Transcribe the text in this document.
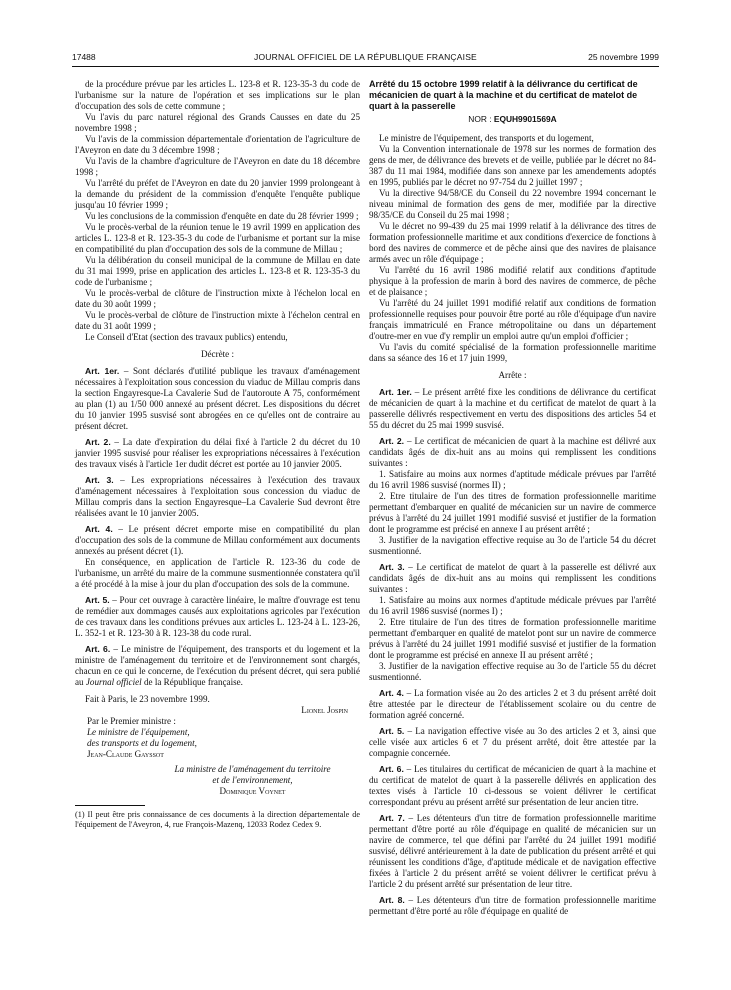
17488	JOURNAL OFFICIEL DE LA RÉPUBLIQUE FRANÇAISE	25 novembre 1999

de la procédure prévue par les articles L. 123-8 et R. 123-35-3 du code de l'urbanisme sur la nature de l'opération et ses implications sur le plan d'occupation des sols de cette commune ;

Vu l'avis du parc naturel régional des Grands Causses en date du 25 novembre 1998 ;

Vu l'avis de la commission départementale d'orientation de l'agriculture de l'Aveyron en date du 3 décembre 1998 ;

Vu l'avis de la chambre d'agriculture de l'Aveyron en date du 18 décembre 1998 ;

Vu l'arrêté du préfet de l'Aveyron en date du 20 janvier 1999 prolongeant à la demande du président de la commission d'enquête l'enquête publique jusqu'au 10 février 1999 ;

Vu les conclusions de la commission d'enquête en date du 28 février 1999 ;

Vu le procès-verbal de la réunion tenue le 19 avril 1999 en application des articles L. 123-8 et R. 123-35-3 du code de l'urbanisme et portant sur la mise en compatibilité du plan d'occupation des sols de la commune de Millau ;

Vu la délibération du conseil municipal de la commune de Millau en date du 31 mai 1999, prise en application des articles L. 123-8 et R. 123-35-3 du code de l'urbanisme ;

Vu le procès-verbal de clôture de l'instruction mixte à l'échelon local en date du 30 août 1999 ;

Vu le procès-verbal de clôture de l'instruction mixte à l'échelon central en date du 31 août 1999 ;

Le Conseil d'Etat (section des travaux publics) entendu,

Décrète :

Art. 1er. – Sont déclarés d'utilité publique les travaux d'aménagement nécessaires à l'exploitation sous concession du viaduc de Millau compris dans la section Engayresque-La Cavalerie Sud de l'autoroute A 75, conformément au plan (1) au 1/50 000 annexé au présent décret. Les dispositions du décret du 10 janvier 1995 susvisé sont abrogées en ce qu'elles ont de contraire au présent décret.

Art. 2. – La date d'expiration du délai fixé à l'article 2 du décret du 10 janvier 1995 susvisé pour réaliser les expropriations nécessaires à l'exécution des travaux visés à l'article 1er dudit décret est portée au 10 janvier 2005.

Art. 3. – Les expropriations nécessaires à l'exécution des travaux d'aménagement nécessaires à l'exploitation sous concession du viaduc de Millau compris dans la section Engayresque–La Cavalerie Sud devront être réalisées avant le 10 janvier 2005.

Art. 4. – Le présent décret emporte mise en compatibilité du plan d'occupation des sols de la commune de Millau conformément aux documents annexés au présent décret (1).

En conséquence, en application de l'article R. 123-36 du code de l'urbanisme, un arrêté du maire de la commune susmentionnée constatera qu'il a été procédé à la mise à jour du plan d'occupation des sols de la commune.

Art. 5. – Pour cet ouvrage à caractère linéaire, le maître d'ouvrage est tenu de remédier aux dommages causés aux exploitations agricoles par l'exécution de ces travaux dans les conditions prévues aux articles L. 123-24 à L. 123-26, L. 352-1 et R. 123-30 à R. 123-38 du code rural.

Art. 6. – Le ministre de l'équipement, des transports et du logement et la ministre de l'aménagement du territoire et de l'environnement sont chargés, chacun en ce qui le concerne, de l'exécution du présent décret, qui sera publié au Journal officiel de la République française.

Fait à Paris, le 23 novembre 1999.

Lionel Jospin

Par le Premier ministre :

Le ministre de l'équipement,

des transports et du logement,

Jean-Claude Gayssot

La ministre de l'aménagement du territoire

et de l'environnement,

Dominique Voynet

(1) Il peut être pris connaissance de ces documents à la direction départementale de l'équipement de l'Aveyron, 4, rue François-Mazenq, 12033 Rodez Cedex 9.

Arrêté du 15 octobre 1999 relatif à la délivrance du certificat de mécanicien de quart à la machine et du certificat de matelot de quart à la passerelle

NOR : EQUH9901569A

Le ministre de l'équipement, des transports et du logement,

Vu la Convention internationale de 1978 sur les normes de formation des gens de mer, de délivrance des brevets et de veille, publiée par le décret no 84-387 du 11 mai 1984, modifiée dans son annexe par les amendements adoptés en 1995, publiés par le décret no 97-754 du 2 juillet 1997 ;

Vu la directive 94/58/CE du Conseil du 22 novembre 1994 concernant le niveau minimal de formation des gens de mer, modifiée par la directive 98/35/CE du Conseil du 25 mai 1998 ;

Vu le décret no 99-439 du 25 mai 1999 relatif à la délivrance des titres de formation professionnelle maritime et aux conditions d'exercice de fonctions à bord des navires de commerce et de pêche ainsi que des navires de plaisance armés avec un rôle d'équipage ;

Vu l'arrêté du 16 avril 1986 modifié relatif aux conditions d'aptitude physique à la profession de marin à bord des navires de commerce, de pêche et de plaisance ;

Vu l'arrêté du 24 juillet 1991 modifié relatif aux conditions de formation professionnelle requises pour pouvoir être porté au rôle d'équipage d'un navire français immatriculé en France métropolitaine ou dans un département d'outre-mer en vue d'y remplir un emploi autre qu'un emploi d'officier ;

Vu l'avis du comité spécialisé de la formation professionnelle maritime dans sa séance des 16 et 17 juin 1999,

Arrête :

Art. 1er. – Le présent arrêté fixe les conditions de délivrance du certificat de mécanicien de quart à la machine et du certificat de matelot de quart à la passerelle délivrés respectivement en vertu des dispositions des articles 54 et 55 du décret du 25 mai 1999 susvisé.

Art. 2. – Le certificat de mécanicien de quart à la machine est délivré aux candidats âgés de dix-huit ans au moins qui remplissent les conditions suivantes :

1. Satisfaire au moins aux normes d'aptitude médicale prévues par l'arrêté du 16 avril 1986 susvisé (normes II) ;

2. Etre titulaire de l'un des titres de formation professionnelle maritime permettant d'embarquer en qualité de mécanicien sur un navire de commerce prévus à l'arrêté du 24 juillet 1991 modifié susvisé et justifier de la formation dont le programme est précisé en annexe I au présent arrêté ;

3. Justifier de la navigation effective requise au 3o de l'article 54 du décret susmentionné.

Art. 3. – Le certificat de matelot de quart à la passerelle est délivré aux candidats âgés de dix-huit ans au moins qui remplissent les conditions suivantes :

1. Satisfaire au moins aux normes d'aptitude médicale prévues par l'arrêté du 16 avril 1986 susvisé (normes I) ;

2. Etre titulaire de l'un des titres de formation professionnelle maritime permettant d'embarquer en qualité de matelot pont sur un navire de commerce prévus à l'arrêté du 24 juillet 1991 modifié susvisé et justifier de la formation dont le programme est précisé en annexe II au présent arrêté ;

3. Justifier de la navigation effective requise au 3o de l'article 55 du décret susmentionné.

Art. 4. – La formation visée au 2o des articles 2 et 3 du présent arrêté doit être attestée par le directeur de l'établissement scolaire ou du centre de formation agréé concerné.

Art. 5. – La navigation effective visée au 3o des articles 2 et 3, ainsi que celle visée aux articles 6 et 7 du présent arrêté, doit être attestée par la compagnie concernée.

Art. 6. – Les titulaires du certificat de mécanicien de quart à la machine et du certificat de matelot de quart à la passerelle délivrés en application des textes visés à l'article 10 ci-dessous se voient délivrer le certificat correspondant prévu au présent arrêté sur présentation de leur ancien titre.

Art. 7. – Les détenteurs d'un titre de formation professionnelle maritime permettant d'être porté au rôle d'équipage en qualité de mécanicien sur un navire de commerce, tel que défini par l'arrêté du 24 juillet 1991 modifié susvisé, délivré antérieurement à la date de publication du présent arrêté et qui réunissent les conditions d'âge, d'aptitude médicale et de navigation effective fixées à l'article 2 du présent arrêté se voient délivrer le certificat prévu à l'article 2 du présent arrêté sur présentation de leur titre.

Art. 8. – Les détenteurs d'un titre de formation professionnelle maritime permettant d'être porté au rôle d'équipage en qualité de
